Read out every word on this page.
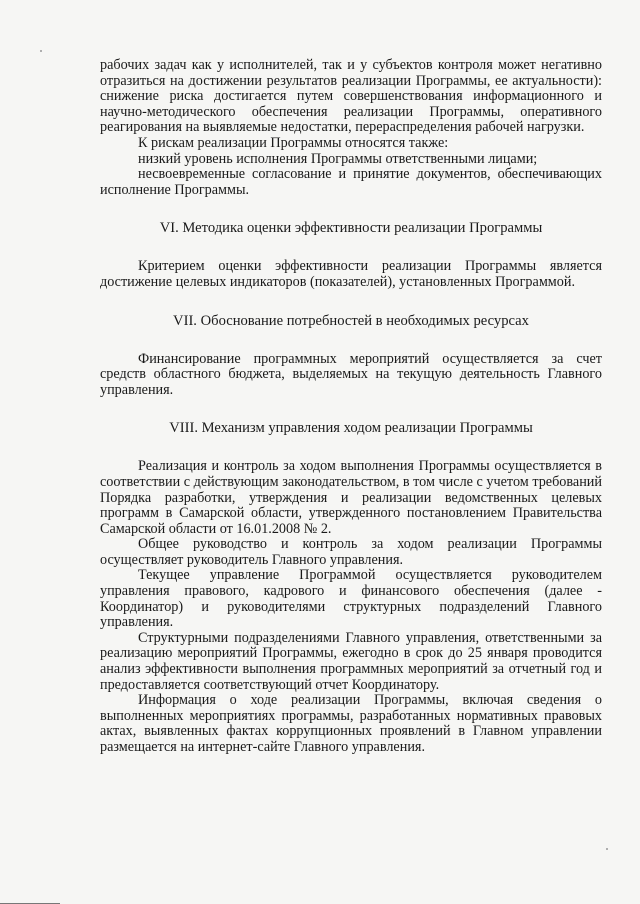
рабочих задач как у исполнителей, так и у субъектов контроля может негативно отразиться на достижении результатов реализации Программы, ее актуальности): снижение риска достигается путем совершенствования информационного и научно-методического обеспечения реализации Программы, оперативного реагирования на выявляемые недостатки, перераспределения рабочей нагрузки.

К рискам реализации Программы относятся также:

низкий уровень исполнения Программы ответственными лицами;

несвоевременные согласование и принятие документов, обеспечивающих исполнение Программы.

VI. Методика оценки эффективности реализации Программы

Критерием оценки эффективности реализации Программы является достижение целевых индикаторов (показателей), установленных Программой.

VII. Обоснование потребностей в необходимых ресурсах

Финансирование программных мероприятий осуществляется за счет средств областного бюджета, выделяемых на текущую деятельность Главного управления.

VIII. Механизм управления ходом реализации Программы

Реализация и контроль за ходом выполнения Программы осуществляется в соответствии с действующим законодательством, в том числе с учетом требований Порядка разработки, утверждения и реализации ведомственных целевых программ в Самарской области, утвержденного постановлением Правительства Самарской области от 16.01.2008 № 2.

Общее руководство и контроль за ходом реализации Программы осуществляет руководитель Главного управления.

Текущее управление Программой осуществляется руководителем управления правового, кадрового и финансового обеспечения (далее - Координатор) и руководителями структурных подразделений Главного управления.

Структурными подразделениями Главного управления, ответственными за реализацию мероприятий Программы, ежегодно в срок до 25 января проводится анализ эффективности выполнения программных мероприятий за отчетный год и предоставляется соответствующий отчет Координатору.

Информация о ходе реализации Программы, включая сведения о выполненных мероприятиях программы, разработанных нормативных правовых актах, выявленных фактах коррупционных проявлений в Главном управлении размещается на интернет-сайте Главного управления.
